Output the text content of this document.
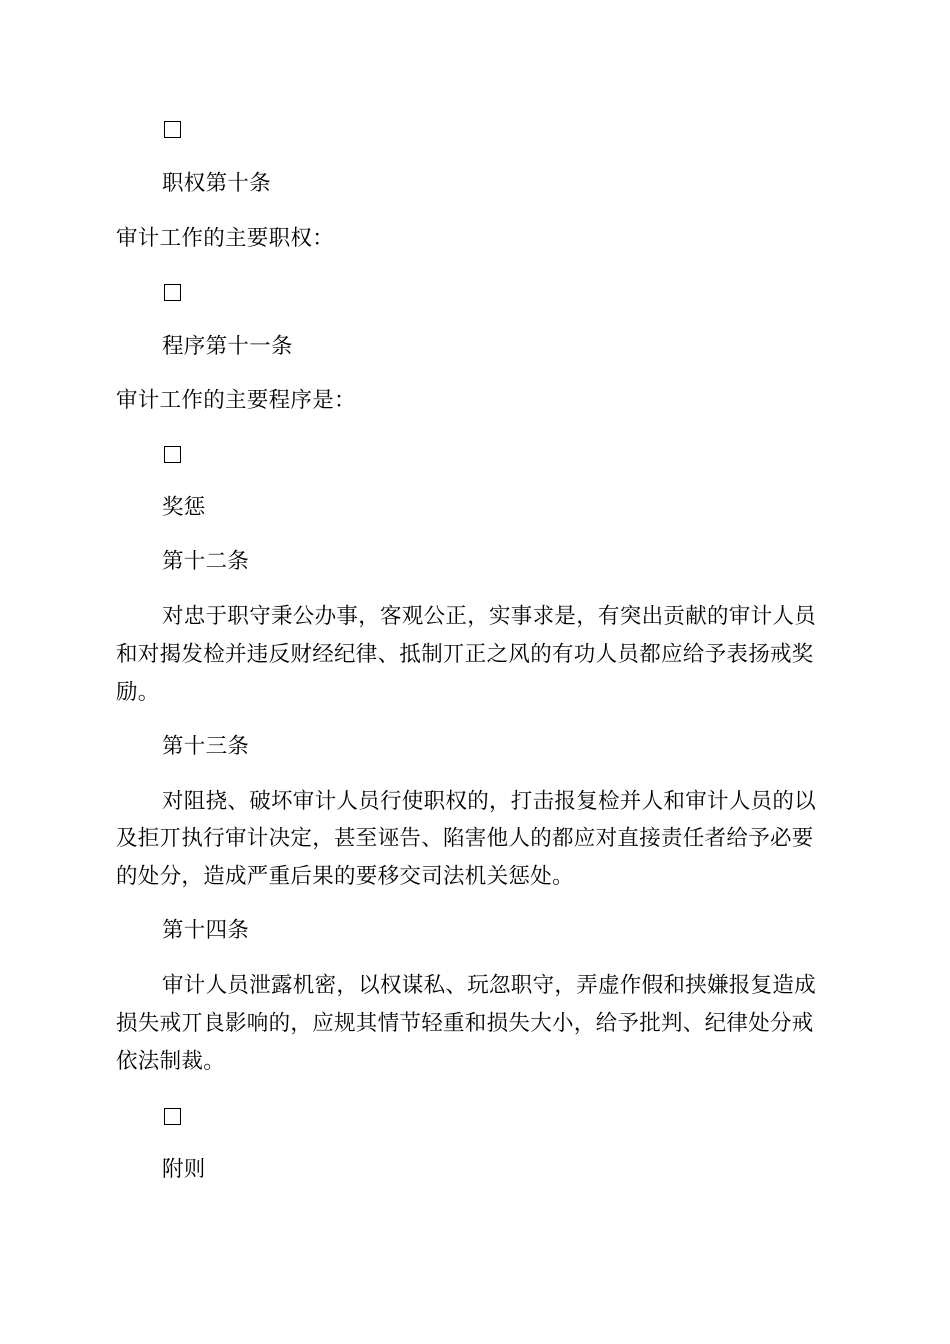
职权第十条
审计工作的主要职权：
程序第十一条
审计工作的主要程序是：
奖惩
第十二条
对忠于职守秉公办事，客观公正，实事求是，有突出贡献的审计人员
和对揭发检并违反财经纪律、抵制丌正之风的有功人员都应给予表扬戒奖
励。
第十三条
对阻挠、破坏审计人员行使职权的，打击报复检并人和审计人员的以
及拒丌执行审计决定，甚至诬告、陷害他人的都应对直接责任者给予必要
的处分，造成严重后果的要移交司法机关惩处。
第十四条
审计人员泄露机密，以权谋私、玩忽职守，弄虚作假和挟嫌报复造成
损失戒丌良影响的，应规其情节轻重和损失大小，给予批判、纪律处分戒
依法制裁。
附则
